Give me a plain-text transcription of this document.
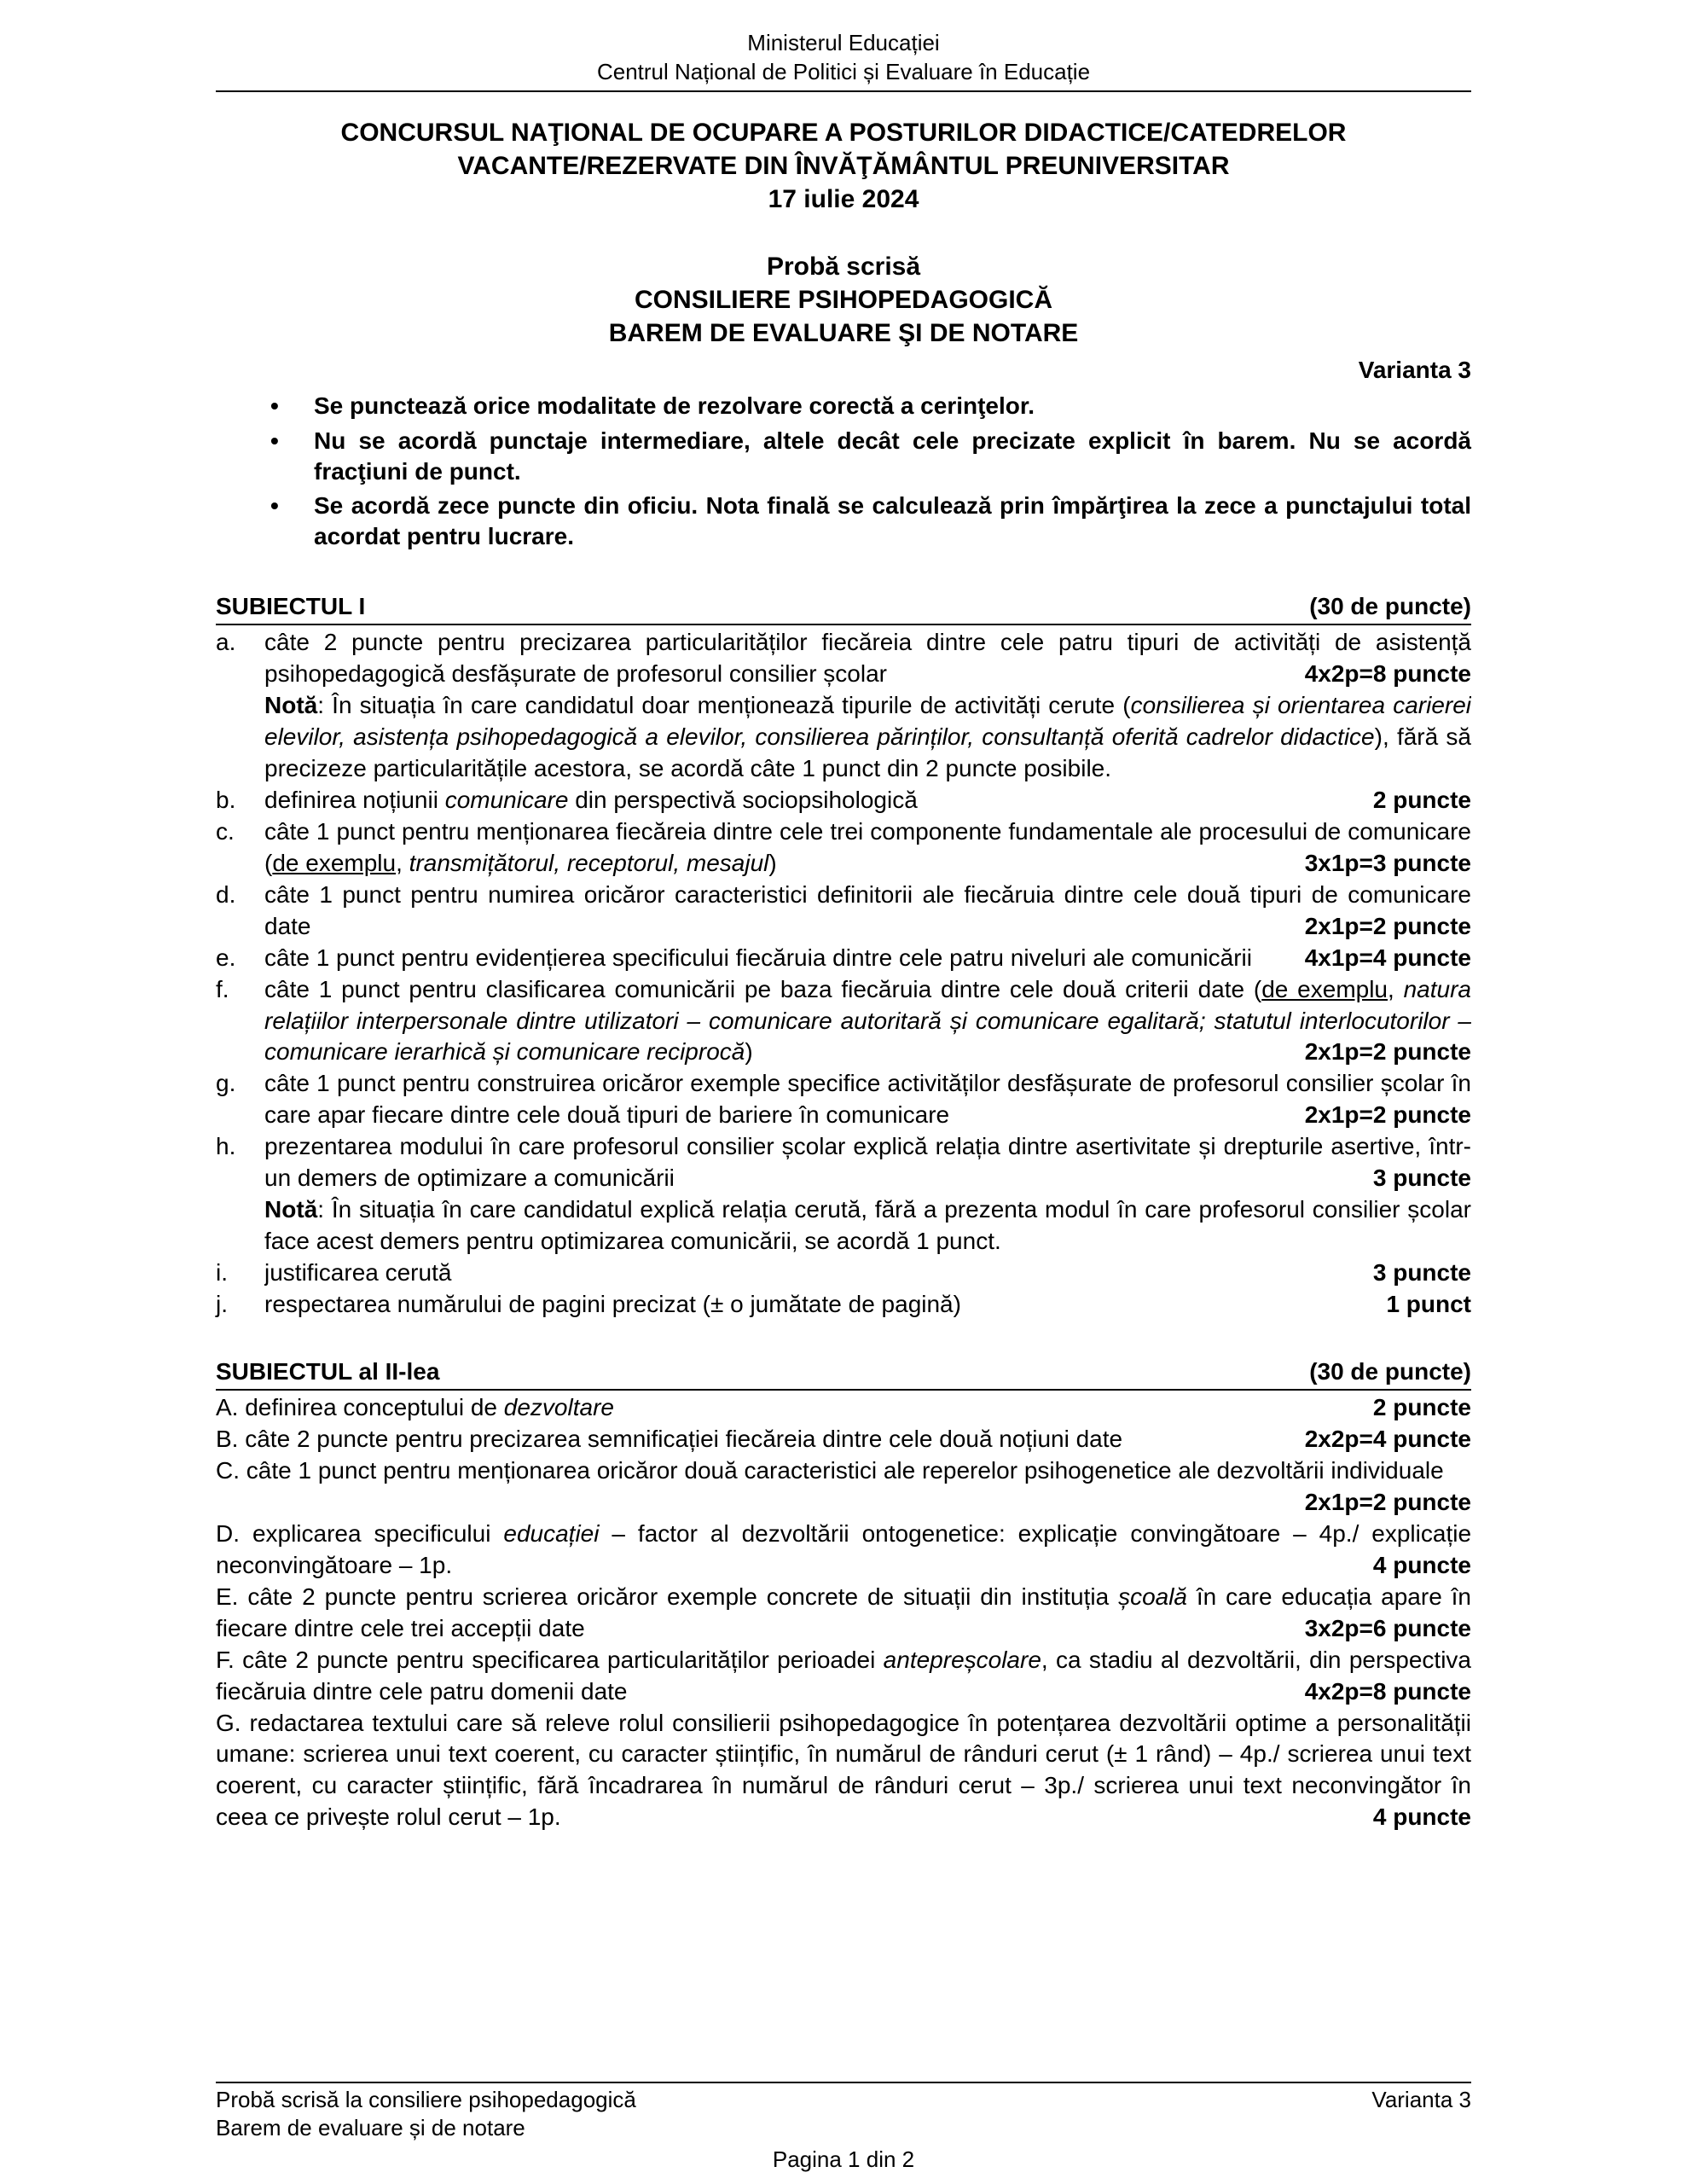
Ministerul Educației
Centrul Național de Politici și Evaluare în Educație
CONCURSUL NAŢIONAL DE OCUPARE A POSTURILOR DIDACTICE/CATEDRELOR
VACANTE/REZERVATE DIN ÎNVĂŢĂMÂNTUL PREUNIVERSITAR
17 iulie 2024
Probă scrisă
CONSILIERE PSIHOPEDAGOGICĂ
BAREM DE EVALUARE ŞI DE NOTARE
Varianta 3
•	Se punctează orice modalitate de rezolvare corectă a cerinţelor.
•	Nu se acordă punctaje intermediare, altele decât cele precizate explicit în barem. Nu se acordă fracţiuni de punct.
•	Se acordă zece puncte din oficiu. Nota finală se calculează prin împărţirea la zece a punctajului total acordat pentru lucrare.
SUBIECTUL I	(30 de puncte)
a.	câte 2 puncte pentru precizarea particularităților fiecăreia dintre cele patru tipuri de activități de asistență psihopedagogică desfășurate de profesorul consilier școlar	4x2p=8 puncte
Notă: În situația în care candidatul doar menționează tipurile de activități cerute (consilierea și orientarea carierei elevilor, asistența psihopedagogică a elevilor, consilierea părinților, consultanță oferită cadrelor didactice), fără să precizeze particularitățile acestora, se acordă câte 1 punct din 2 puncte posibile.
b.	definirea noțiunii comunicare din perspectivă sociopsihologică	2 puncte
c.	câte 1 punct pentru menționarea fiecăreia dintre cele trei componente fundamentale ale procesului de comunicare (de exemplu, transmițătorul, receptorul, mesajul)	3x1p=3 puncte
d.	câte 1 punct pentru numirea oricăror caracteristici definitorii ale fiecăruia dintre cele două tipuri de comunicare date	2x1p=2 puncte
e.	câte 1 punct pentru evidențierea specificului fiecăruia dintre cele patru niveluri ale comunicării 4x1p=4 puncte
f.	câte 1 punct pentru clasificarea comunicării pe baza fiecăruia dintre cele două criterii date (de exemplu, natura relațiilor interpersonale dintre utilizatori – comunicare autoritară și comunicare egalitară; statutul interlocutorilor – comunicare ierarhică și comunicare reciprocă)	2x1p=2 puncte
g.	câte 1 punct pentru construirea oricăror exemple specifice activităților desfășurate de profesorul consilier școlar în care apar fiecare dintre cele două tipuri de bariere în comunicare	2x1p=2 puncte
h.	prezentarea modului în care profesorul consilier școlar explică relația dintre asertivitate și drepturile asertive, într-un demers de optimizare a comunicării	3 puncte
Notă: În situația în care candidatul explică relația cerută, fără a prezenta modul în care profesorul consilier școlar face acest demers pentru optimizarea comunicării, se acordă 1 punct.
i.	justificarea cerută	3 puncte
j.	respectarea numărului de pagini precizat (± o jumătate de pagină)	1 punct
SUBIECTUL al II-lea	(30 de puncte)
A. definirea conceptului de dezvoltare	2 puncte
B. câte 2 puncte pentru precizarea semnificației fiecăreia dintre cele două noțiuni date	2x2p=4 puncte
C. câte 1 punct pentru menționarea oricăror două caracteristici ale reperelor psihogenetice ale dezvoltării individuale
2x1p=2 puncte
D. explicarea specificului educației – factor al dezvoltării ontogenetice: explicație convingătoare – 4p./ explicație neconvingătoare – 1p.	4 puncte
E. câte 2 puncte pentru scrierea oricăror exemple concrete de situații din instituția școală în care educația apare în fiecare dintre cele trei accepții date	3x2p=6 puncte
F. câte 2 puncte pentru specificarea particularităților perioadei antepreșcolare, ca stadiu al dezvoltării, din perspectiva fiecăruia dintre cele patru domenii date	4x2p=8 puncte
G. redactarea textului care să releve rolul consilierii psihopedagogice în potențarea dezvoltării optime a personalității umane: scrierea unui text coerent, cu caracter științific, în numărul de rânduri cerut (± 1 rând) – 4p./ scrierea unui text coerent, cu caracter științific, fără încadrarea în numărul de rânduri cerut – 3p./ scrierea unui text neconvingător în ceea ce privește rolul cerut – 1p.	4 puncte
Probă scrisă la consiliere psihopedagogică
Barem de evaluare și de notare
Varianta 3
Pagina 1 din 2
